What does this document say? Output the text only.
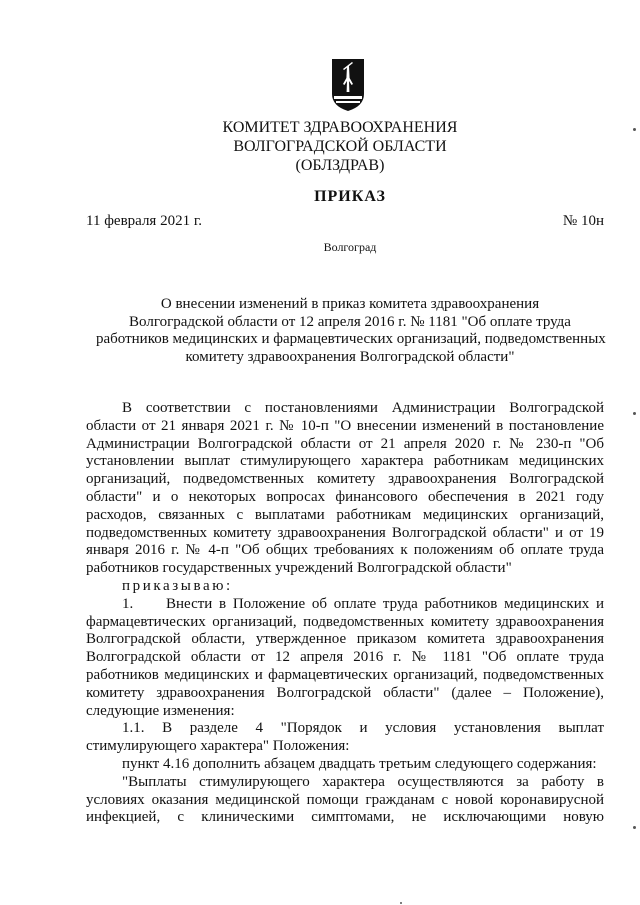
КОМИТЕТ ЗДРАВООХРАНЕНИЯ
ВОЛГОГРАДСКОЙ ОБЛАСТИ
(ОБЛЗДРАВ)
ПРИКАЗ
11 февраля 2021 г.	№ 10н
Волгоград
О внесении изменений в приказ комитета здравоохранения
Волгоградской области от 12 апреля 2016 г. № 1181 "Об оплате труда
работников медицинских и фармацевтических организаций, подведомственных
комитету здравоохранения Волгоградской области"

В соответствии с постановлениями Администрации Волгоградской области от 21 января 2021 г. № 10-п "О внесении изменений в постановление Администрации Волгоградской области от 21 апреля 2020 г. № 230-п "Об установлении выплат стимулирующего характера работникам медицинских организаций, подведомственных комитету здравоохранения Волгоградской области" и о некоторых вопросах финансового обеспечения в 2021 году расходов, связанных с выплатами работникам медицинских организаций, подведомственных комитету здравоохранения Волгоградской области" и от 19 января 2016 г. № 4-п "Об общих требованиях к положениям об оплате труда работников государственных учреждений Волгоградской области"

приказываю:

1. Внести в Положение об оплате труда работников медицинских и фармацевтических организаций, подведомственных комитету здравоохранения Волгоградской области, утвержденное приказом комитета здравоохранения Волгоградской области от 12 апреля 2016 г. № 1181 "Об оплате труда работников медицинских и фармацевтических организаций, подведомственных комитету здравоохранения Волгоградской области" (далее – Положение), следующие изменения:

1.1. В разделе 4 "Порядок и условия установления выплат стимулирующего характера" Положения:

пункт 4.16 дополнить абзацем двадцать третьим следующего содержания:

"Выплаты стимулирующего характера осуществляются за работу в условиях оказания медицинской помощи гражданам с новой коронавирусной инфекцией, с клиническими симптомами, не исключающими новую
